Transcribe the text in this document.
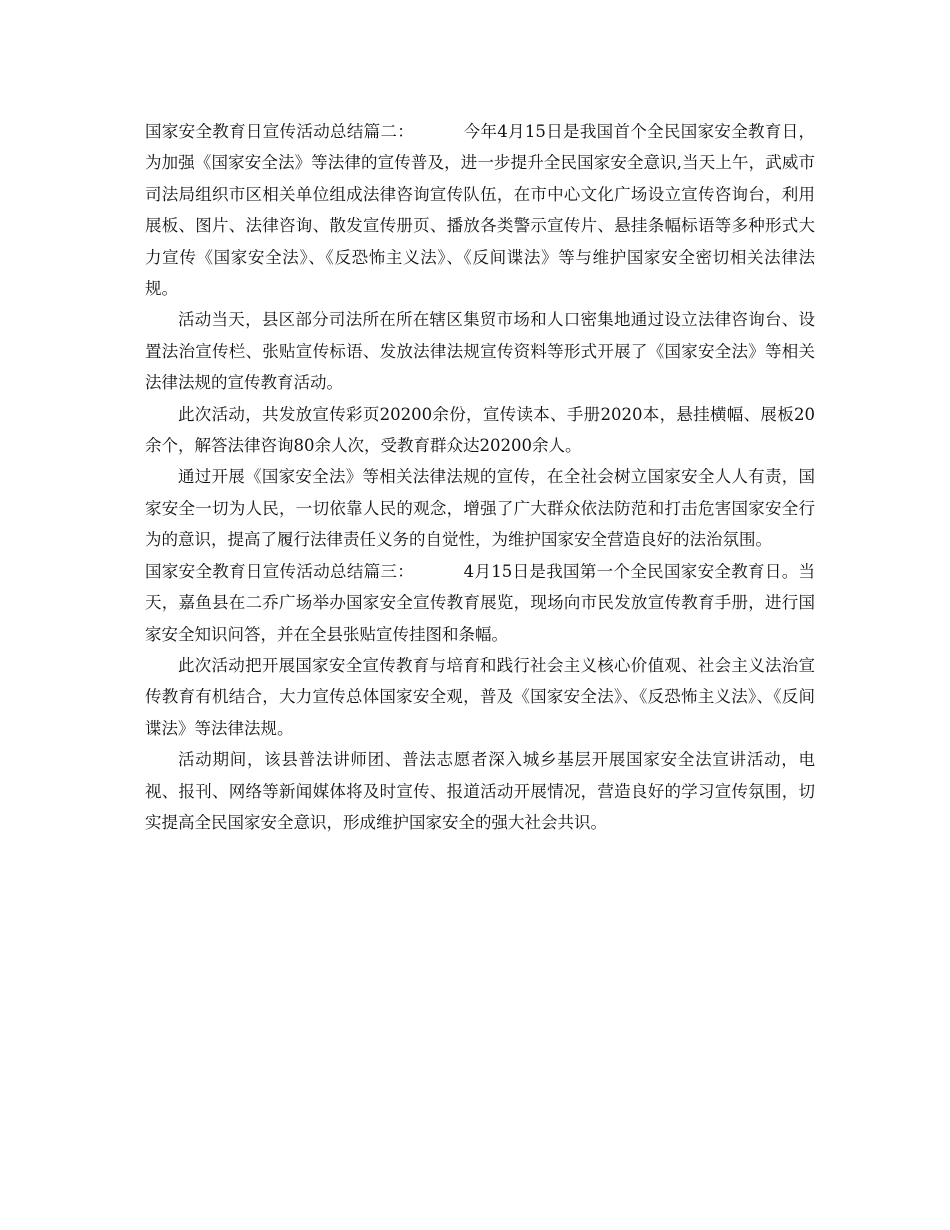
国家安全教育日宣传活动总结篇二：	今年4月15日是我国首个全民国家安全教育日，为加强《国家安全法》等法律的宣传普及，进一步提升全民国家安全意识,当天上午，武威市司法局组织市区相关单位组成法律咨询宣传队伍，在市中心文化广场设立宣传咨询台，利用展板、图片、法律咨询、散发宣传册页、播放各类警示宣传片、悬挂条幅标语等多种形式大力宣传《国家安全法》、《反恐怖主义法》、《反间谍法》等与维护国家安全密切相关法律法规。

活动当天，县区部分司法所在所在辖区集贸市场和人口密集地通过设立法律咨询台、设置法治宣传栏、张贴宣传标语、发放法律法规宣传资料等形式开展了《国家安全法》等相关法律法规的宣传教育活动。

此次活动，共发放宣传彩页20200余份，宣传读本、手册2020本，悬挂横幅、展板20余个，解答法律咨询80余人次，受教育群众达20200余人。

通过开展《国家安全法》等相关法律法规的宣传，在全社会树立国家安全人人有责，国家安全一切为人民，一切依靠人民的观念，增强了广大群众依法防范和打击危害国家安全行为的意识，提高了履行法律责任义务的自觉性，为维护国家安全营造良好的法治氛围。

国家安全教育日宣传活动总结篇三：	4月15日是我国第一个全民国家安全教育日。当天，嘉鱼县在二乔广场举办国家安全宣传教育展览，现场向市民发放宣传教育手册，进行国家安全知识问答，并在全县张贴宣传挂图和条幅。

此次活动把开展国家安全宣传教育与培育和践行社会主义核心价值观、社会主义法治宣传教育有机结合，大力宣传总体国家安全观，普及《国家安全法》、《反恐怖主义法》、《反间谍法》等法律法规。

活动期间，该县普法讲师团、普法志愿者深入城乡基层开展国家安全法宣讲活动，电视、报刊、网络等新闻媒体将及时宣传、报道活动开展情况，营造良好的学习宣传氛围，切实提高全民国家安全意识，形成维护国家安全的强大社会共识。
